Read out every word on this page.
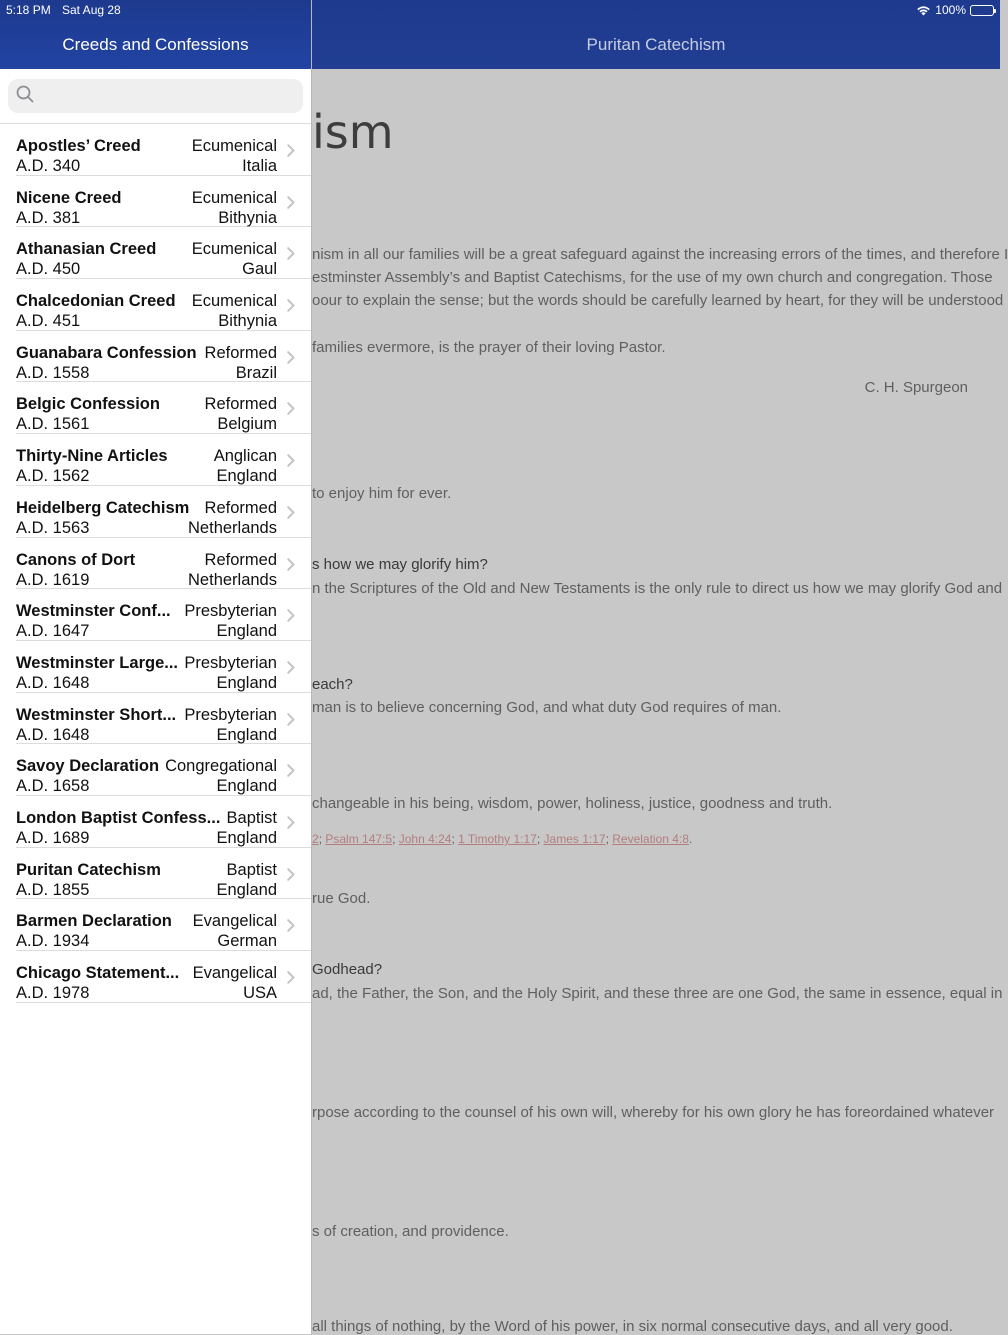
5:18 PM Sat Aug 28	100%
Puritan Catechism
ism
nism in all our families will be a great safeguard against the increasing errors of the times, and therefore I
estminster Assembly’s and Baptist Catechisms, for the use of my own church and congregation. Those
oour to explain the sense; but the words should be carefully learned by heart, for they will be understood
families evermore, is the prayer of their loving Pastor.
C. H. Spurgeon
to enjoy him for ever.
s how we may glorify him?
n the Scriptures of the Old and New Testaments is the only rule to direct us how we may glorify God and
each?
man is to believe concerning God, and what duty God requires of man.
changeable in his being, wisdom, power, holiness, justice, goodness and truth.
2; Psalm 147:5; John 4:24; 1 Timothy 1:17; James 1:17; Revelation 4:8.
rue God.
Godhead?
ad, the Father, the Son, and the Holy Spirit, and these three are one God, the same in essence, equal in
rpose according to the counsel of his own will, whereby for his own glory he has foreordained whatever
s of creation, and providence.
all things of nothing, by the Word of his power, in six normal consecutive days, and all very good.
Creeds and Confessions
Apostles’ Creed
A.D. 340
Ecumenical
Italia
Nicene Creed
A.D. 381
Ecumenical
Bithynia
Athanasian Creed
A.D. 450
Ecumenical
Gaul
Chalcedonian Creed
A.D. 451
Ecumenical
Bithynia
Guanabara Confession
A.D. 1558
Reformed
Brazil
Belgic Confession
A.D. 1561
Reformed
Belgium
Thirty-Nine Articles
A.D. 1562
Anglican
England
Heidelberg Catechism
A.D. 1563
Reformed
Netherlands
Canons of Dort
A.D. 1619
Reformed
Netherlands
Westminster Conf...
A.D. 1647
Presbyterian
England
Westminster Large...
A.D. 1648
Presbyterian
England
Westminster Short...
A.D. 1648
Presbyterian
England
Savoy Declaration
A.D. 1658
Congregational
England
London Baptist Confess...
A.D. 1689
Baptist
England
Puritan Catechism
A.D. 1855
Baptist
England
Barmen Declaration
A.D. 1934
Evangelical
German
Chicago Statement...
A.D. 1978
Evangelical
USA
